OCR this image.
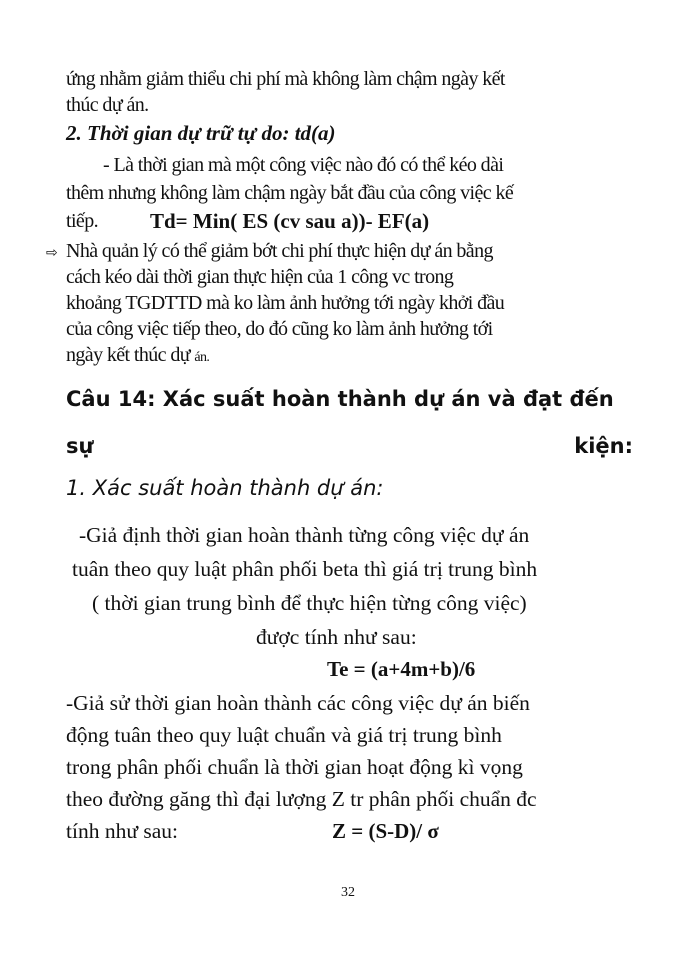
ứng nhằm giảm thiểu chi phí mà không làm chậm ngày kết
thúc dự án.
2. Thời gian dự trữ tự do: td(a)
- Là thời gian mà một công việc nào đó có thể kéo dài
thêm nhưng không làm chậm ngày bắt đầu của công việc kế
tiếp. Td= Min( ES (cv sau a))- EF(a)
⇨ Nhà quản lý có thể giảm bớt chi phí thực hiện dự án bằng
cách kéo dài thời gian thực hiện của 1 công vc trong
khoảng TGDTTD mà ko làm ảnh hưởng tới ngày khởi đầu
của công việc tiếp theo, do đó cũng ko làm ảnh hưởng tới
ngày kết thúc dự án.
Câu 14: Xác suất hoàn thành dự án và đạt đến
sự	kiện:
1. Xác suất hoàn thành dự án:
-Giả định thời gian hoàn thành từng công việc dự án
tuân theo quy luật phân phối beta thì giá trị trung bình
( thời gian trung bình để thực hiện từng công việc)
được tính như sau:
Te = (a+4m+b)/6
-Giả sử thời gian hoàn thành các công việc dự án biến
động tuân theo quy luật chuẩn và giá trị trung bình
trong phân phối chuẩn là thời gian hoạt động kì vọng
theo đường găng thì đại lượng Z tr phân phối chuẩn đc
tính như sau:	Z = (S-D)/ σ
32
